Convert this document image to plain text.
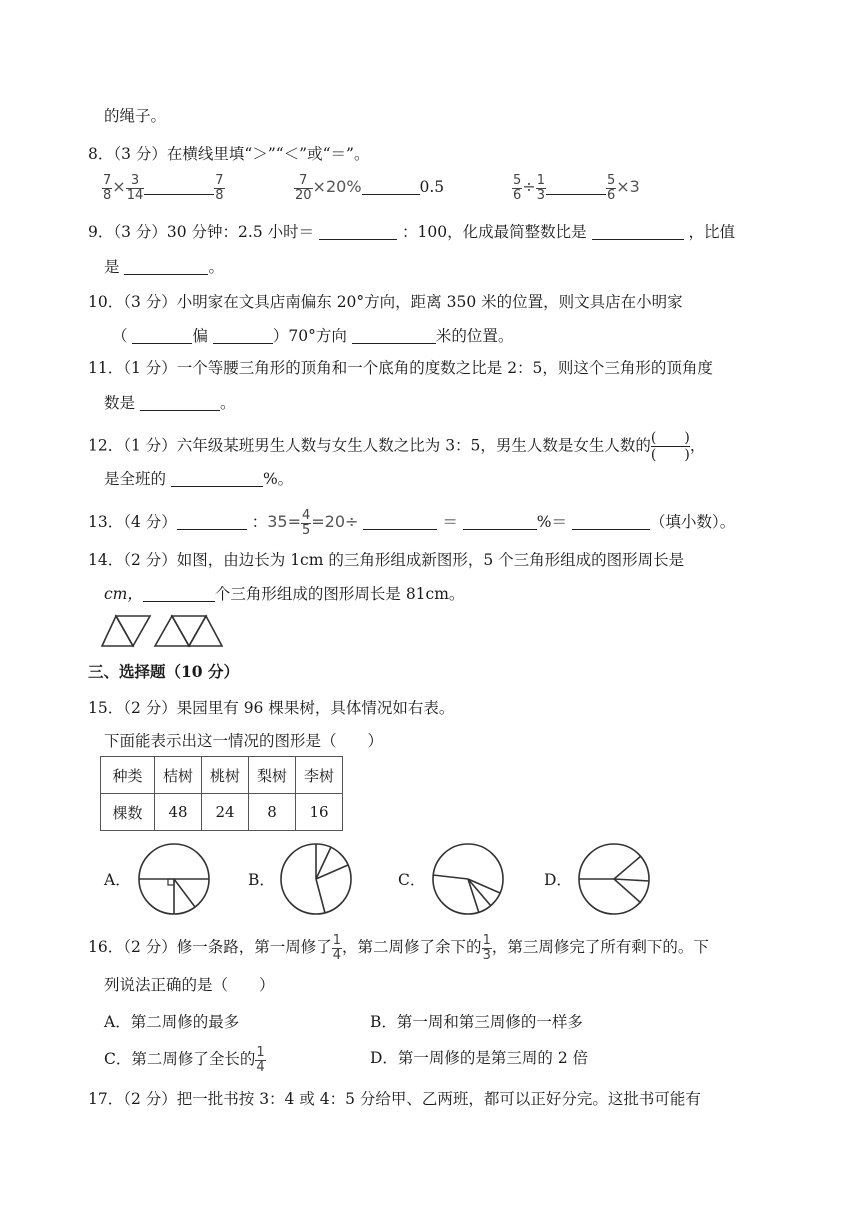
的绳子。
8．（3 分）在横线里填“＞”“＜”或“＝”。
$\frac{7}{8} \times \frac{3}{14}$	$\frac{7}{8}$	$\frac{7}{20} \times 20\%$	0.5	$\frac{5}{6} \div \frac{1}{3}$	$\frac{5}{6} \times 3$
9．（3 分）30 分钟：2.5 小时＝	：100，化成最简整数比是	，比值
是	。
10．（3 分）小明家在文具店南偏东 20°方向，距离 350 米的位置，则文具店在小明家
（	偏	）70°方向	米的位置。
11．（1 分）一个等腰三角形的顶角和一个底角的度数之比是 2：5，则这个三角形的顶角度
数是	。
12．（1 分）六年级某班男生人数与女生人数之比为 3：5，男生人数是女生人数的 (　　)
(　　)
，
是全班的	%。
13．（4 分）	：$35= \frac{4}{5} =20\div$	＝	%＝	（填小数）。
14．（2 分）如图，由边长为 1cm 的三角形组成新图形，5 个三角形组成的图形周长是
cm，	个三角形组成的图形周长是 81cm。
三、选择题（10 分）
15．（2 分）果园里有 96 棵果树，具体情况如右表。
下面能表示出这一情况的图形是（　　）
种类	桔树	桃树	梨树	李树
棵数	48	24	8	16
A．	B．	C．	D．
16．（2 分）修一条路，第一周修了 $\frac{1}{4}$ ，第二周修了余下的 $\frac{1}{3}$ ，第三周修完了所有剩下的。下
列说法正确的是（　　）
A．第二周修的最多	B．第一周和第三周修的一样多
C．第二周修了全长的 $\frac{1}{4}$	D．第一周修的是第三周的 2 倍
17．（2 分）把一批书按 3：4 或 4：5 分给甲、乙两班，都可以正好分完。这批书可能有
